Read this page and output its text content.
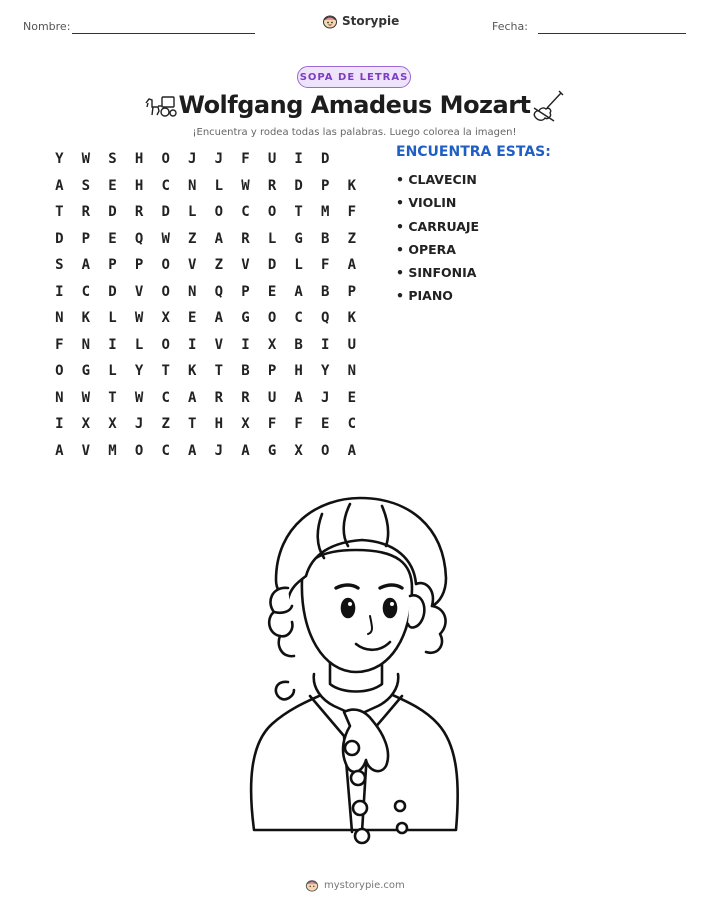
Nombre:	Storypie	Fecha:
SOPA DE LETRAS
Wolfgang Amadeus Mozart
¡Encuentra y rodea todas las palabras. Luego colorea la imagen!
Y	W	S	H	O	J	J	F	U	I	D
A	S	E	H	C	N	L	W	R	D	P	K
T	R	D	R	D	L	O	C	O	T	M	F
D	P	E	Q	W	Z	A	R	L	G	B	Z
S	A	P	P	O	V	Z	V	D	L	F	A
I	C	D	V	O	N	Q	P	E	A	B	P
N	K	L	W	X	E	A	G	O	C	Q	K
F	N	I	L	O	I	V	I	X	B	I	U
O	G	L	Y	T	K	T	B	P	H	Y	N
N	W	T	W	C	A	R	R	U	A	J	E
I	X	X	J	Z	T	H	X	F	F	E	C
A	V	M	O	C	A	J	A	G	X	O	A
ENCUENTRA ESTAS:
• CLAVECIN
• VIOLIN
• CARRUAJE
• OPERA
• SINFONIA
• PIANO
mystorypie.com
